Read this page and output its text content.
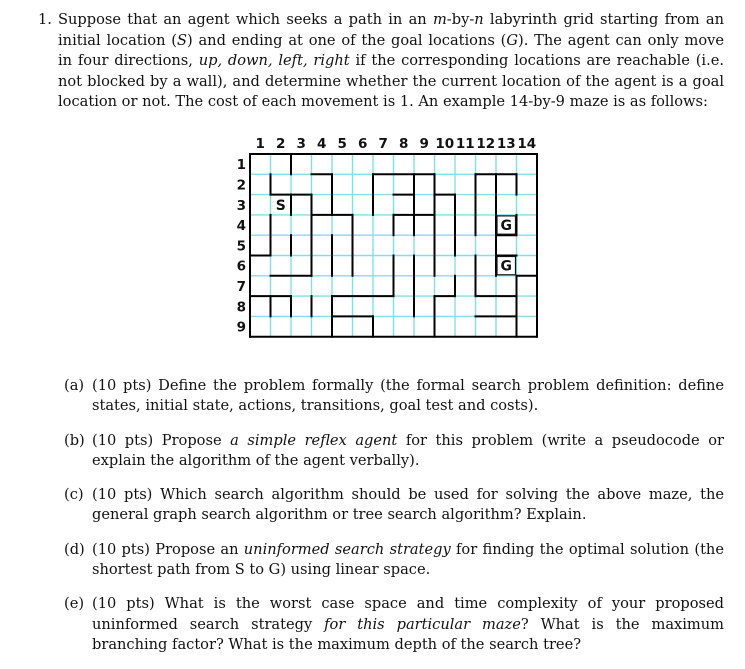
1. Suppose that an agent which seeks a path in an m-by-n labyrinth grid starting from an initial location (S) and ending at one of the goal locations (G). The agent can only move in four directions, up, down, left, right if the corresponding locations are reachable (i.e. not blocked by a wall), and determine whether the current location of the agent is a goal location or not. The cost of each movement is 1. An example 14-by-9 maze is as follows:
1 2 3 4 5 6 7 8 9 10 11 12 13 14
1
2
3
4
5
6
7
8
9
S
G
G
(a) (10 pts) Define the problem formally (the formal search problem definition: define states, initial state, actions, transitions, goal test and costs).
(b) (10 pts) Propose a simple reflex agent for this problem (write a pseudocode or explain the algorithm of the agent verbally).
(c) (10 pts) Which search algorithm should be used for solving the above maze, the general graph search algorithm or tree search algorithm? Explain.
(d) (10 pts) Propose an uninformed search strategy for finding the optimal solution (the shortest path from S to G) using linear space.
(e) (10 pts) What is the worst case space and time complexity of your proposed uninformed search strategy for this particular maze? What is the maximum branching factor? What is the maximum depth of the search tree?
